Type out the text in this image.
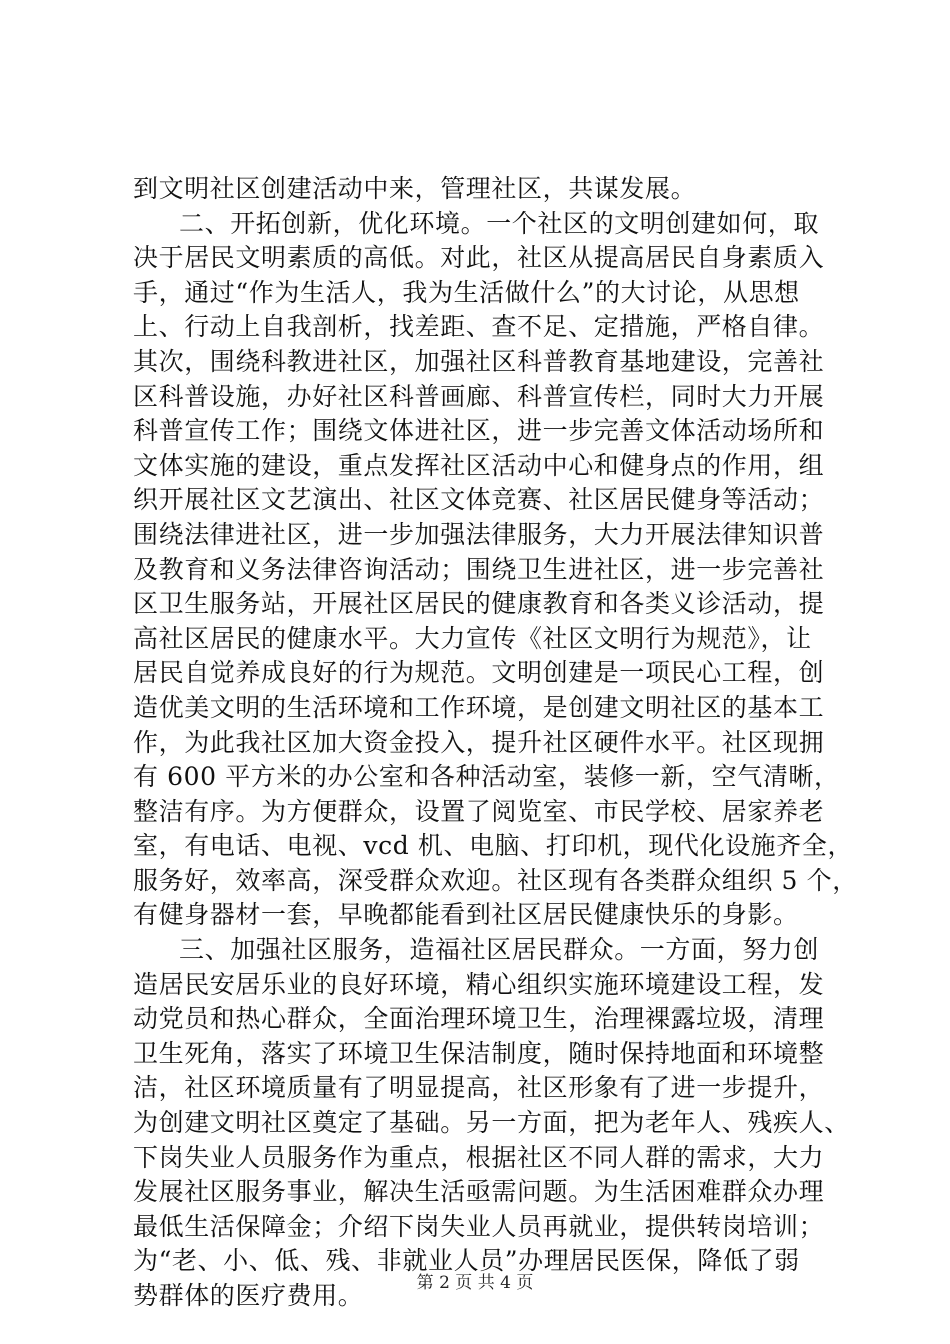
到文明社区创建活动中来，管理社区，共谋发展。
二、开拓创新，优化环境。一个社区的文明创建如何，取
决于居民文明素质的高低。对此，社区从提高居民自身素质入
手，通过“作为生活人，我为生活做什么”的大讨论，从思想
上、行动上自我剖析，找差距、查不足、定措施，严格自律。
其次，围绕科教进社区，加强社区科普教育基地建设，完善社
区科普设施，办好社区科普画廊、科普宣传栏，同时大力开展
科普宣传工作；围绕文体进社区，进一步完善文体活动场所和
文体实施的建设，重点发挥社区活动中心和健身点的作用，组
织开展社区文艺演出、社区文体竞赛、社区居民健身等活动；
围绕法律进社区，进一步加强法律服务，大力开展法律知识普
及教育和义务法律咨询活动；围绕卫生进社区，进一步完善社
区卫生服务站，开展社区居民的健康教育和各类义诊活动，提
高社区居民的健康水平。大力宣传《社区文明行为规范》，让
居民自觉养成良好的行为规范。文明创建是一项民心工程，创
造优美文明的生活环境和工作环境，是创建文明社区的基本工
作，为此我社区加大资金投入，提升社区硬件水平。社区现拥
有 600 平方米的办公室和各种活动室，装修一新，空气清晰，
整洁有序。为方便群众，设置了阅览室、市民学校、居家养老
室，有电话、电视、vcd 机、电脑、打印机，现代化设施齐全，
服务好，效率高，深受群众欢迎。社区现有各类群众组织 5 个，
有健身器材一套，早晚都能看到社区居民健康快乐的身影。
三、加强社区服务，造福社区居民群众。一方面，努力创
造居民安居乐业的良好环境，精心组织实施环境建设工程，发
动党员和热心群众，全面治理环境卫生，治理裸露垃圾，清理
卫生死角，落实了环境卫生保洁制度，随时保持地面和环境整
洁，社区环境质量有了明显提高，社区形象有了进一步提升，
为创建文明社区奠定了基础。另一方面，把为老年人、残疾人、
下岗失业人员服务作为重点，根据社区不同人群的需求，大力
发展社区服务事业，解决生活亟需问题。为生活困难群众办理
最低生活保障金；介绍下岗失业人员再就业，提供转岗培训；
为“老、小、低、残、非就业人员”办理居民医保，降低了弱
势群体的医疗费用。	第 2 页 共 4 页
